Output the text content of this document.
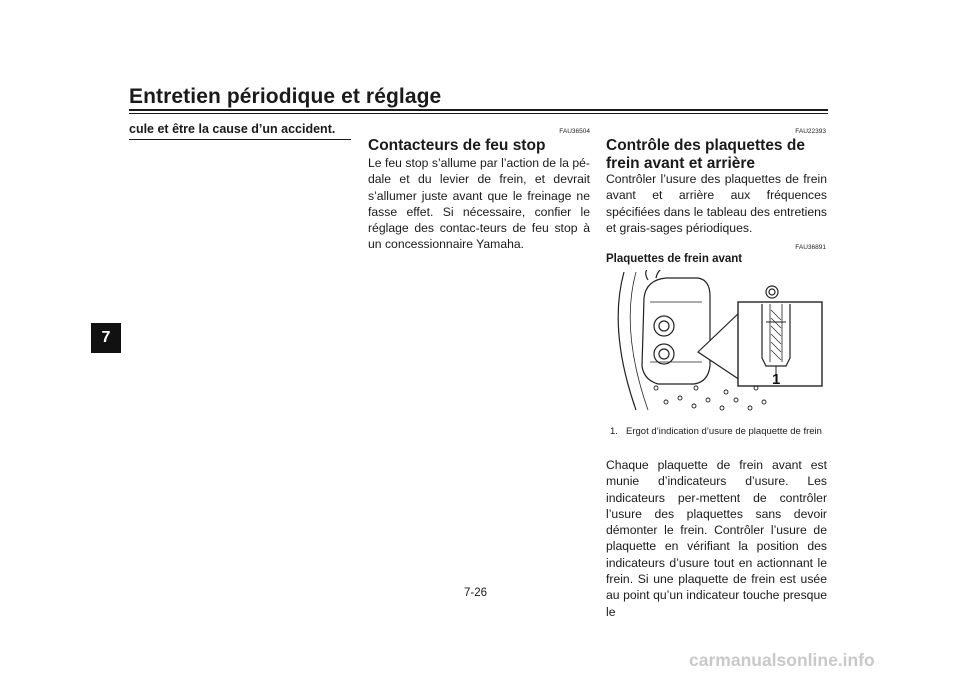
Entretien périodique et réglage
7
cule et être la cause d’un accident.	FAU36504
Contacteurs de feu stop
Le feu stop s’allume par l’action de la pé-dale et du levier de frein, et devrait s’allumer juste avant que le freinage ne fasse effet. Si nécessaire, confier le réglage des contac-teurs de feu stop à un concessionnaire Yamaha.
FAU22393
Contrôle des plaquettes de frein avant et arrière
Contrôler l’usure des plaquettes de frein avant et arrière aux fréquences spécifiées dans le tableau des entretiens et grais-sages périodiques.
FAU36891
Plaquettes de frein avant
1
1. Ergot d’indication d’usure de plaquette de frein
Chaque plaquette de frein avant est munie d’indicateurs d’usure. Les indicateurs per-mettent de contrôler l’usure des plaquettes sans devoir démonter le frein. Contrôler l’usure de plaquette en vérifiant la position des indicateurs d’usure tout en actionnant le frein. Si une plaquette de frein est usée au point qu’un indicateur touche presque le
7-26
carmanualsonline.info
